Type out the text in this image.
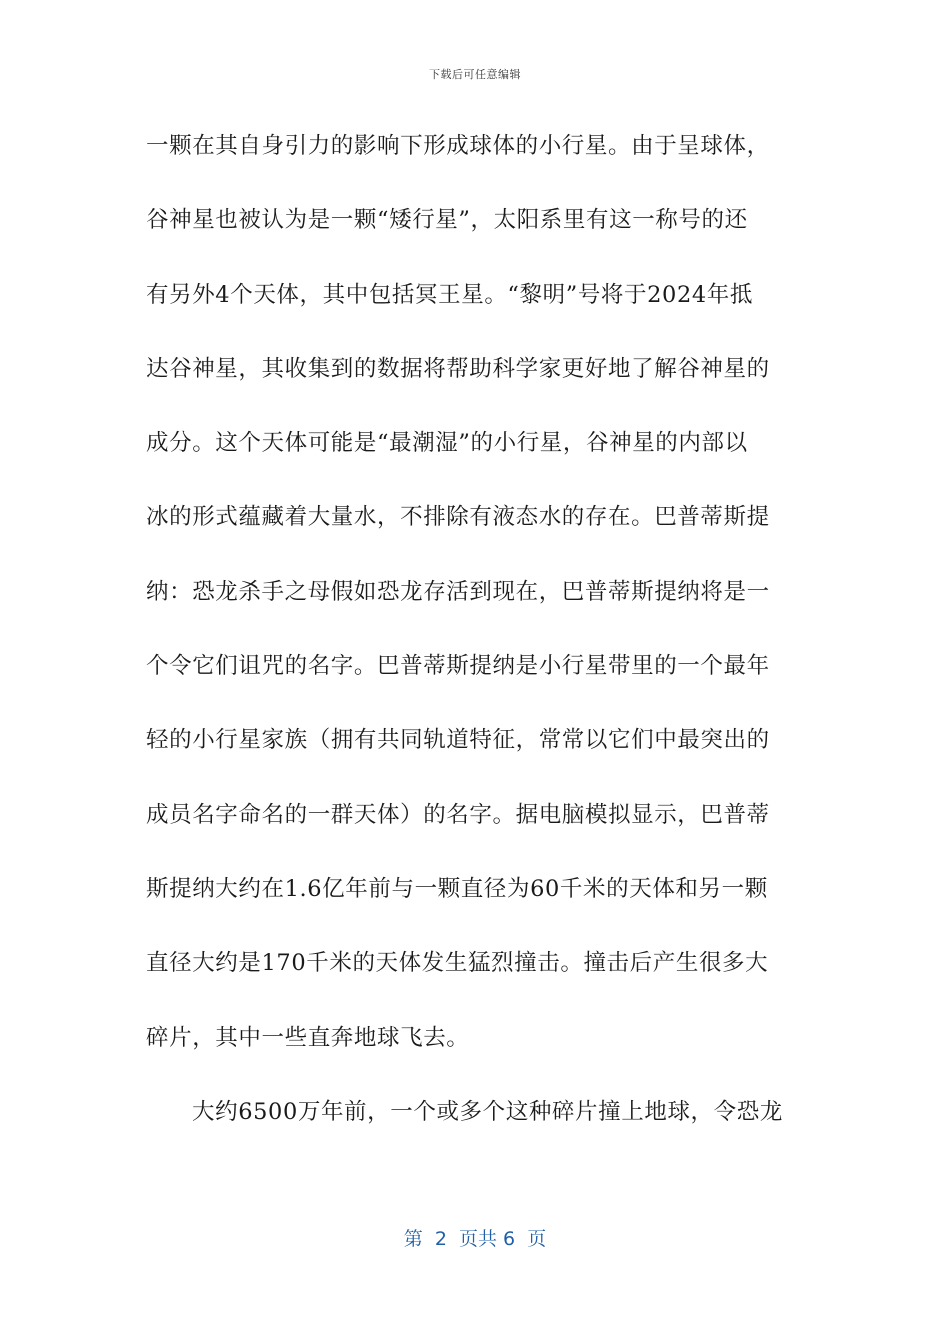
下载后可任意编辑
一颗在其自身引力的影响下形成球体的小行星。由于呈球体，
谷神星也被认为是一颗“矮行星”，太阳系里有这一称号的还
有另外4个天体，其中包括冥王星。“黎明”号将于2024年抵
达谷神星，其收集到的数据将帮助科学家更好地了解谷神星的
成分。这个天体可能是“最潮湿”的小行星，谷神星的内部以
冰的形式蕴藏着大量水，不排除有液态水的存在。巴普蒂斯提
纳：恐龙杀手之母假如恐龙存活到现在，巴普蒂斯提纳将是一
个令它们诅咒的名字。巴普蒂斯提纳是小行星带里的一个最年
轻的小行星家族（拥有共同轨道特征，常常以它们中最突出的
成员名字命名的一群天体）的名字。据电脑模拟显示，巴普蒂
斯提纳大约在1.6亿年前与一颗直径为60千米的天体和另一颗
直径大约是170千米的天体发生猛烈撞击。撞击后产生很多大
碎片，其中一些直奔地球飞去。
大约6500万年前，一个或多个这种碎片撞上地球，令恐龙
第  2  页共 6  页
